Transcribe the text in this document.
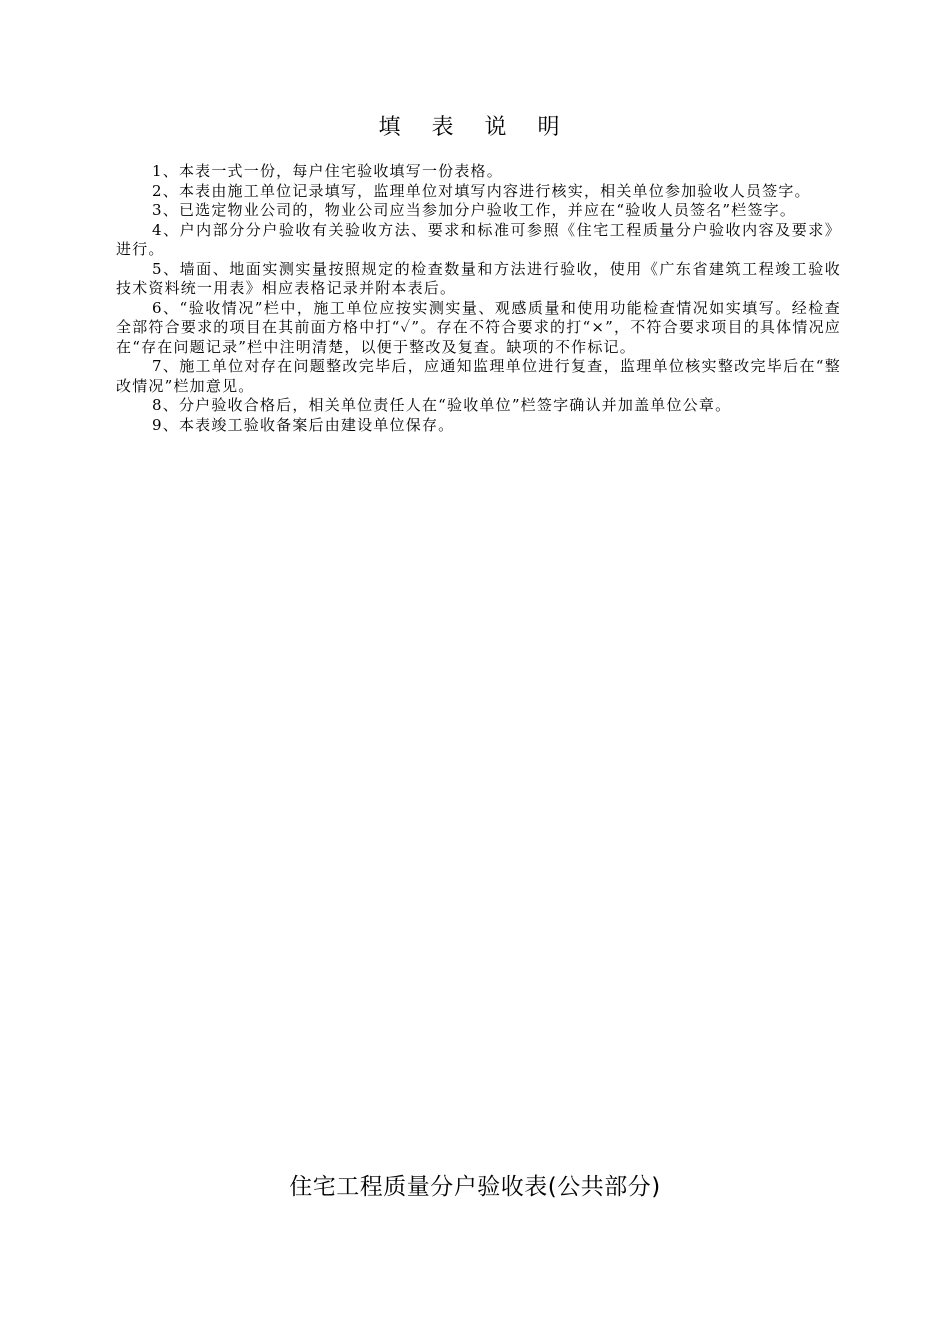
填 表 说 明

1、本表一式一份，每户住宅验收填写一份表格。

2、本表由施工单位记录填写，监理单位对填写内容进行核实，相关单位参加验收人员签字。

3、已选定物业公司的，物业公司应当参加分户验收工作，并应在“验收人员签名”栏签字。

4、户内部分分户验收有关验收方法、要求和标准可参照《住宅工程质量分户验收内容及要求》进行。

5、墙面、地面实测实量按照规定的检查数量和方法进行验收，使用《广东省建筑工程竣工验收技术资料统一用表》相应表格记录并附本表后。

6、“验收情况”栏中，施工单位应按实测实量、观感质量和使用功能检查情况如实填写。经检查全部符合要求的项目在其前面方格中打“✓”。存在不符合要求的打“×”，不符合要求项目的具体情况应在“存在问题记录”栏中注明清楚，以便于整改及复查。缺项的不作标记。

7、施工单位对存在问题整改完毕后，应通知监理单位进行复查，监理单位核实整改完毕后在“整改情况”栏加意见。

8、分户验收合格后，相关单位责任人在“验收单位”栏签字确认并加盖单位公章。

9、本表竣工验收备案后由建设单位保存。

住宅工程质量分户验收表(公共部分)
